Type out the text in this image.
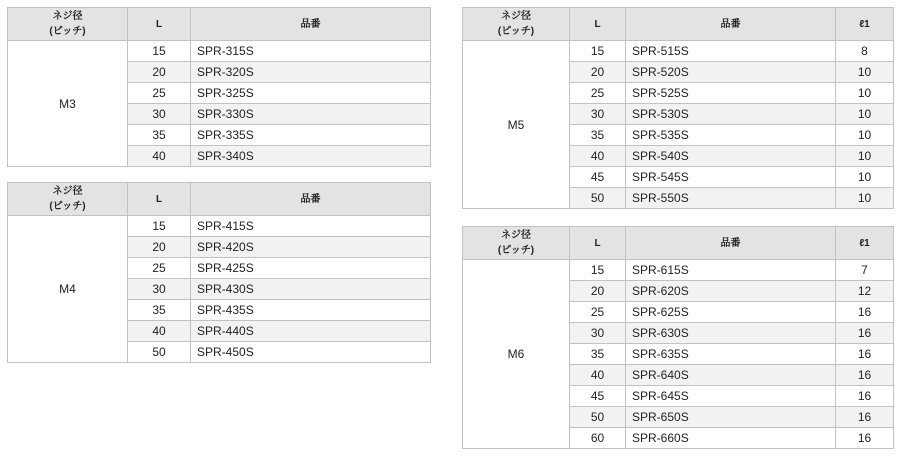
ネジ径
(ピッチ)	L	品番
M3	15	SPR-315S
	20	SPR-320S
	25	SPR-325S
	30	SPR-330S
	35	SPR-335S
	40	SPR-340S
ネジ径
(ピッチ)	L	品番
M4	15	SPR-415S
	20	SPR-420S
	25	SPR-425S
	30	SPR-430S
	35	SPR-435S
	40	SPR-440S
	50	SPR-450S
ネジ径
(ピッチ)	L	品番	ℓ1
M5	15	SPR-515S	8
	20	SPR-520S	10
	25	SPR-525S	10
	30	SPR-530S	10
	35	SPR-535S	10
	40	SPR-540S	10
	45	SPR-545S	10
	50	SPR-550S	10
ネジ径
(ピッチ)	L	品番	ℓ1
M6	15	SPR-615S	7
	20	SPR-620S	12
	25	SPR-625S	16
	30	SPR-630S	16
	35	SPR-635S	16
	40	SPR-640S	16
	45	SPR-645S	16
	50	SPR-650S	16
	60	SPR-660S	16
